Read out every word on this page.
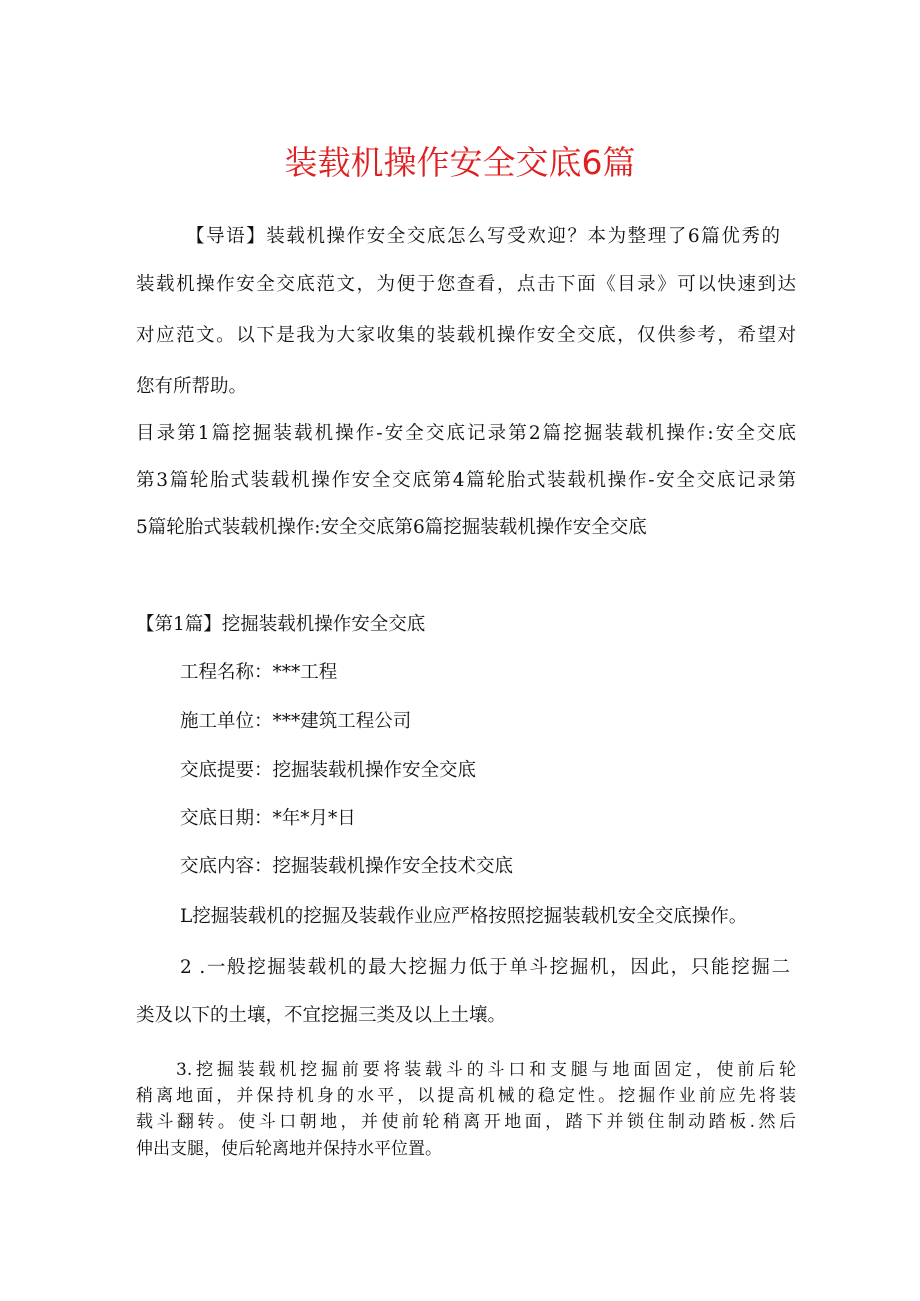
装载机操作安全交底6篇

【导语】装载机操作安全交底怎么写受欢迎？本为整理了6篇优秀的

装载机操作安全交底范文，为便于您查看，点击下面《目录》可以快速到达

对应范文。以下是我为大家收集的装载机操作安全交底，仅供参考，希望对

您有所帮助。

目录第1篇挖掘装载机操作-安全交底记录第2篇挖掘装载机操作:安全交底

第3篇轮胎式装载机操作安全交底第4篇轮胎式装载机操作-安全交底记录第

5篇轮胎式装载机操作:安全交底第6篇挖掘装载机操作安全交底

【第1篇】挖掘装载机操作安全交底

工程名称：***工程

施工单位：***建筑工程公司

交底提要：挖掘装载机操作安全交底

交底日期：*年*月*日

交底内容：挖掘装载机操作安全技术交底

L挖掘装载机的挖掘及装载作业应严格按照挖掘装载机安全交底操作。

2 .一般挖掘装载机的最大挖掘力低于单斗挖掘机，因此，只能挖掘二

类及以下的土壤，不宜挖掘三类及以上土壤。

3.挖掘装载机挖掘前要将装载斗的斗口和支腿与地面固定，使前后轮

稍离地面，并保持机身的水平，以提高机械的稳定性。挖掘作业前应先将装

载斗翻转。使斗口朝地，并使前轮稍离开地面，踏下并锁住制动踏板.然后

伸出支腿，使后轮离地并保持水平位置。
